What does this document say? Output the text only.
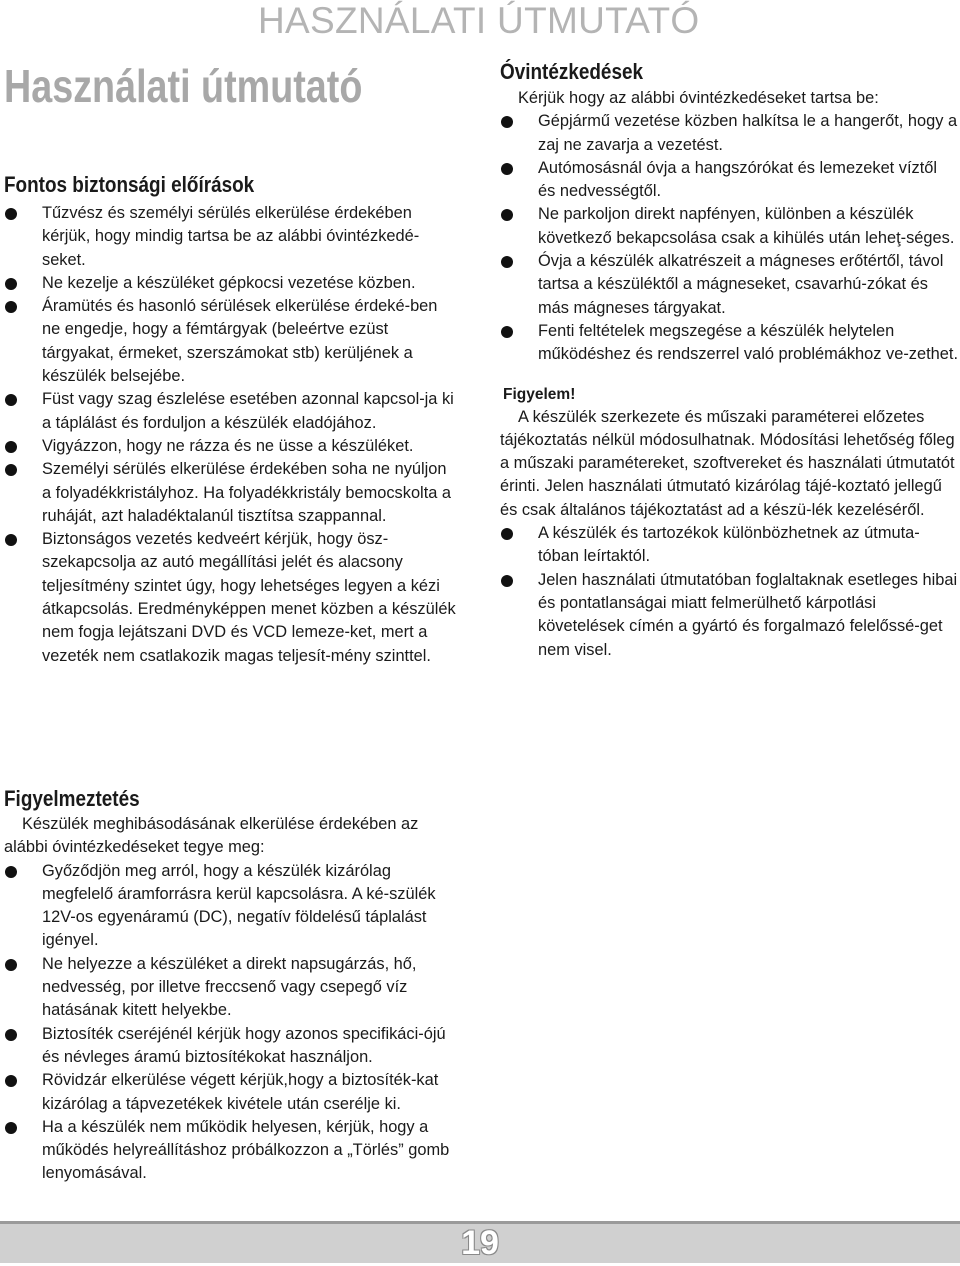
HASZNÁLATI ÚTMUTATÓ
Használati útmutató
Fontos biztonsági előírások
Tűzvész és személyi sérülés elkerülése érdekében kérjük, hogy mindig tartsa be az alábbi óvintézkedé-seket.
Ne kezelje a készüléket gépkocsi vezetése közben.
Áramütés és hasonló sérülések elkerülése érdeké-ben ne engedje, hogy a fémtárgyak (beleértve ezüst tárgyakat, érmeket, szerszámokat stb) kerüljének a készülék belsejébe.
Füst vagy szag észlelése esetében azonnal kapcsol-ja ki a táplálást és forduljon a készülék eladójához.
Vigyázzon, hogy ne rázza és ne üsse a készüléket.
Személyi sérülés elkerülése érdekében soha ne nyúljon a folyadékkristályhoz. Ha folyadékkristály bemocskolta a ruháját, azt haladéktalanúl tisztítsa szappannal.
Biztonságos vezetés kedveért kérjük, hogy ösz-szekapcsolja az autó megállítási jelét és alacsony teljesítmény szintet úgy, hogy lehetséges legyen a kézi átkapcsolás. Eredményképpen menet közben a készülék nem fogja lejátszani DVD és VCD lemeze-ket, mert a vezeték nem csatlakozik magas teljesít-mény szinttel.
Óvintézkedések
Kérjük hogy az alábbi óvintézkedéseket tartsa be:
Gépjármű vezetése közben halkítsa le a hangerőt, hogy a zaj ne zavarja a vezetést.
Autómosásnál óvja a hangszórókat és lemezeket víztől és nedvességtől.
Ne parkoljon direkt napfényen, különben a készülék következő bekapcsolása csak a kihülés után leheţ-séges.
Óvja a készülék alkatrészeit a mágneses erőtértől, távol tartsa a készüléktől a mágneseket, csavarhú-zókat és más mágneses tárgyakat.
Fenti feltételek megszegése a készülék helytelen működéshez és rendszerrel való problémákhoz ve-zethet.
Figyelem!
A készülék szerkezete és műszaki paraméterei előzetes tájékoztatás nélkül módosulhatnak. Módosítási lehetőség főleg a műszaki paramétereket, szoftvereket és használati útmutatót érinti. Jelen használati útmutató kizárólag tájé-koztató jellegű és csak általános tájékoztatást ad a készü-lék kezeléséről.
A készülék és tartozékok különbözhetnek az útmuta-tóban leírtaktól.
Jelen használati útmutatóban foglaltaknak esetleges hibai és pontatlanságai miatt felmerülhető kárpotlási követelések címén a gyártó és forgalmazó felelőssé-get nem visel.
Figyelmeztetés
Készülék meghibásodásának elkerülése érdekében az alábbi óvintézkedéseket tegye meg:
Győződjön meg arról, hogy a készülék kizárólag megfelelő áramforrásra kerül kapcsolásra. A ké-szülék 12V-os egyenáramú (DC), negatív földelésű táplalást igényel.
Ne helyezze a készüléket a direkt napsugárzás, hő, nedvesség, por illetve freccsenő vagy csepegő víz hatásának kitett helyekbe.
Biztosíték cseréjénél kérjük hogy azonos specifikáci-ójú és névleges áramú biztosítékokat használjon.
Rövidzár elkerülése végett kérjük,hogy a biztosíték-kat kizárólag a tápvezetékek kivétele után cserélje ki.
Ha a készülék nem működik helyesen, kérjük, hogy a működés helyreállításhoz próbálkozzon a „Törlés” gomb lenyomásával.
19
